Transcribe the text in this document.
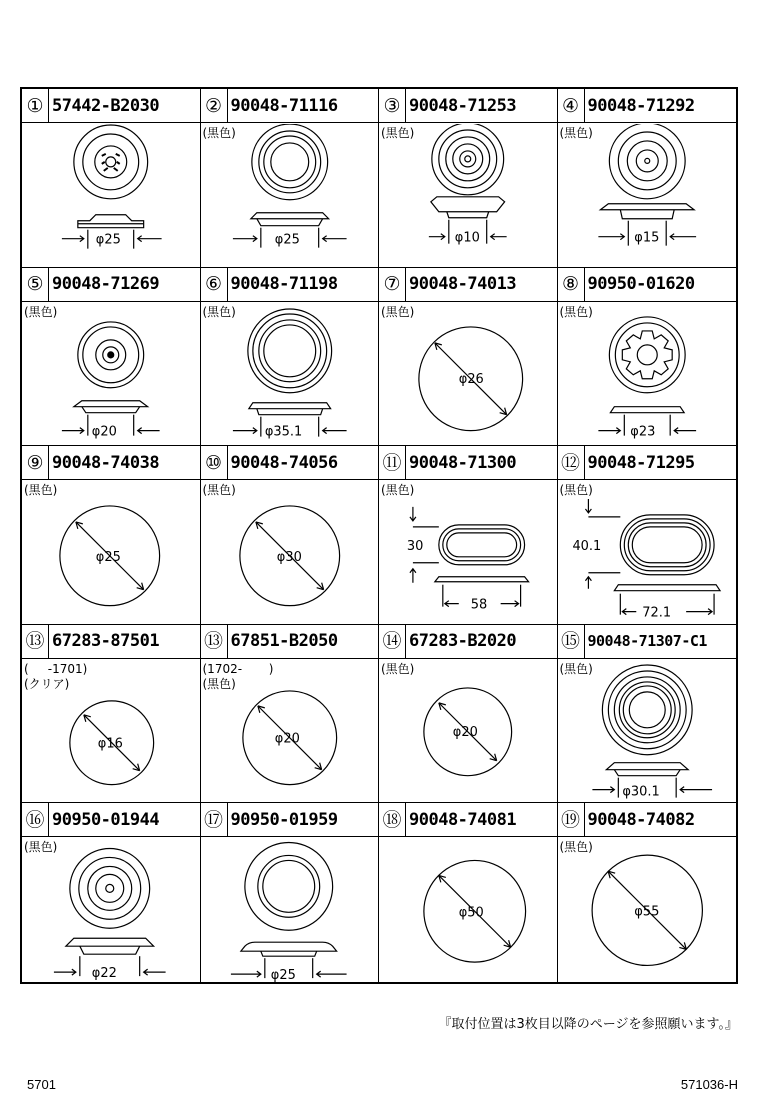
① 57442-B2030
φ25
② 90048-71116
(黒色)
φ25
③ 90048-71253
(黒色)
φ10
④ 90048-71292
(黒色)
φ15
⑤ 90048-71269
(黒色)
φ20
⑥ 90048-71198
(黒色)
φ35.1
⑦ 90048-74013
(黒色)
φ26
⑧ 90950-01620
(黒色)
φ23
⑨ 90048-74038
(黒色)
φ25
⑩ 90048-74056
(黒色)
φ30
⑪ 90048-71300
(黒色)
30
58
⑫ 90048-71295
(黒色)
40.1
72.1
⑬ 67283-87501
(     -1701)
(クリア)
φ16
⑬ 67851-B2050
(1702-       )
(黒色)
φ20
⑭ 67283-B2020
(黒色)
φ20
⑮ 90048-71307-C1
(黒色)
φ30.1
⑯ 90950-01944
(黒色)
φ22
⑰ 90950-01959
φ25
⑱ 90048-74081
φ50
⑲ 90048-74082
(黒色)
φ55
『取付位置は3枚目以降のページを参照願います。』
5701	571036-H
